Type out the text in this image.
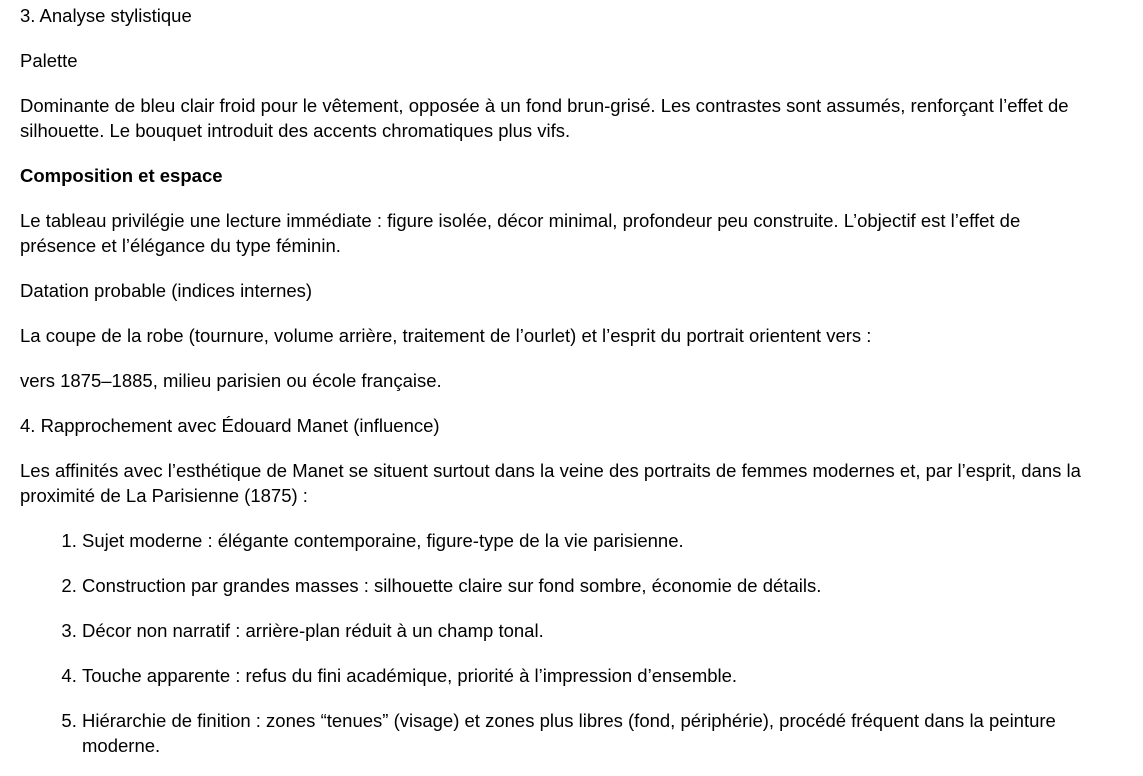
3. Analyse stylistique

Palette

Dominante de bleu clair froid pour le vêtement, opposée à un fond brun-grisé. Les contrastes sont assumés, renforçant l’effet de silhouette. Le bouquet introduit des accents chromatiques plus vifs.

Composition et espace

Le tableau privilégie une lecture immédiate : figure isolée, décor minimal, profondeur peu construite. L’objectif est l’effet de présence et l’élégance du type féminin.

Datation probable (indices internes)

La coupe de la robe (tournure, volume arrière, traitement de l’ourlet) et l’esprit du portrait orientent vers :

vers 1875–1885, milieu parisien ou école française.

4. Rapprochement avec Édouard Manet (influence)

Les affinités avec l’esthétique de Manet se situent surtout dans la veine des portraits de femmes modernes et, par l’esprit, dans la proximité de La Parisienne (1875) :

1. Sujet moderne : élégante contemporaine, figure-type de la vie parisienne.
2. Construction par grandes masses : silhouette claire sur fond sombre, économie de détails.
3. Décor non narratif : arrière-plan réduit à un champ tonal.
4. Touche apparente : refus du fini académique, priorité à l’impression d’ensemble.
5. Hiérarchie de finition : zones “tenues” (visage) et zones plus libres (fond, périphérie), procédé fréquent dans la peinture moderne.
